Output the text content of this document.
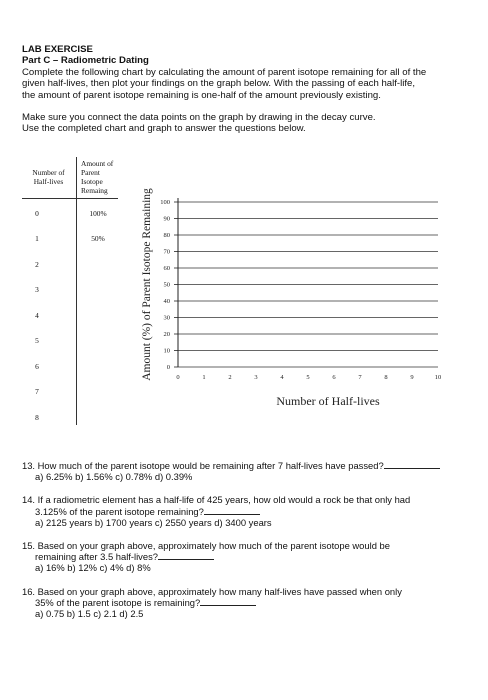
LAB EXERCISE

Part C – Radiometric Dating

Complete the following chart by calculating the amount of parent isotope remaining for all of the

given half-lives, then plot your findings on the graph below. With the passing of each half-life,

the amount of parent isotope remaining is one-half of the amount previously existing.

Make sure you connect the data points on the graph by drawing in the decay curve.

Use the completed chart and graph to answer the questions below.

Number of
Half-lives
Amount of
Parent
Isotope
Remaing
0	100%
1	50%
2
3
4
5
6
7
8
0
10
20
30
40
50
60
70
80
90
100
0	1	2	3	4	5	6	7	8	9	10
Amount (%) of Parent Isotope Remaining
Number of Half-lives
13. How much of the parent isotope would be remaining after 7 half-lives have passed?
a) 6.25% b) 1.56% c) 0.78% d) 0.39%
14. If a radiometric element has a half-life of 425 years, how old would a rock be that only had
3.125% of the parent isotope remaining?
a) 2125 years b) 1700 years c) 2550 years d) 3400 years
15. Based on your graph above, approximately how much of the parent isotope would be
remaining after 3.5 half-lives?
a) 16% b) 12% c) 4% d) 8%
16. Based on your graph above, approximately how many half-lives have passed when only
35% of the parent isotope is remaining?
a) 0.75 b) 1.5 c) 2.1 d) 2.5
